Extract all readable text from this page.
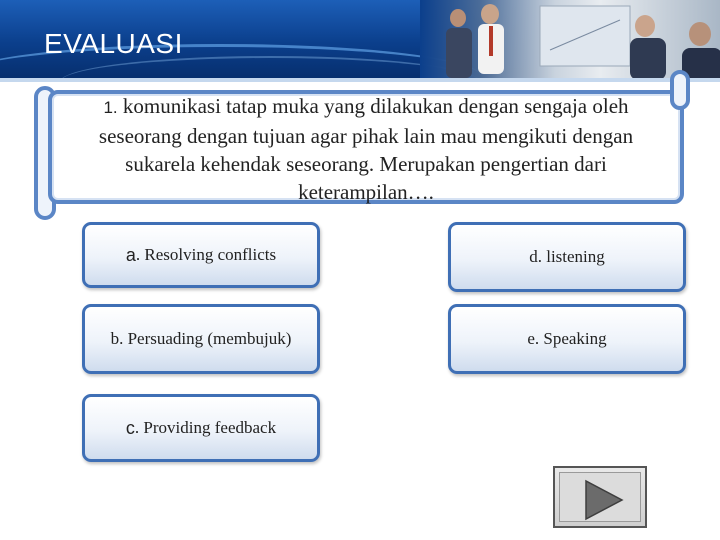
EVALUASI
1. komunikasi tatap muka yang dilakukan dengan sengaja oleh seseorang dengan tujuan agar pihak lain mau mengikuti dengan sukarela kehendak seseorang. Merupakan pengertian dari keterampilan….
a . Resolving conflicts
b. Persuading (membujuk)
c . Providing feedback
d. listening
e. Speaking
